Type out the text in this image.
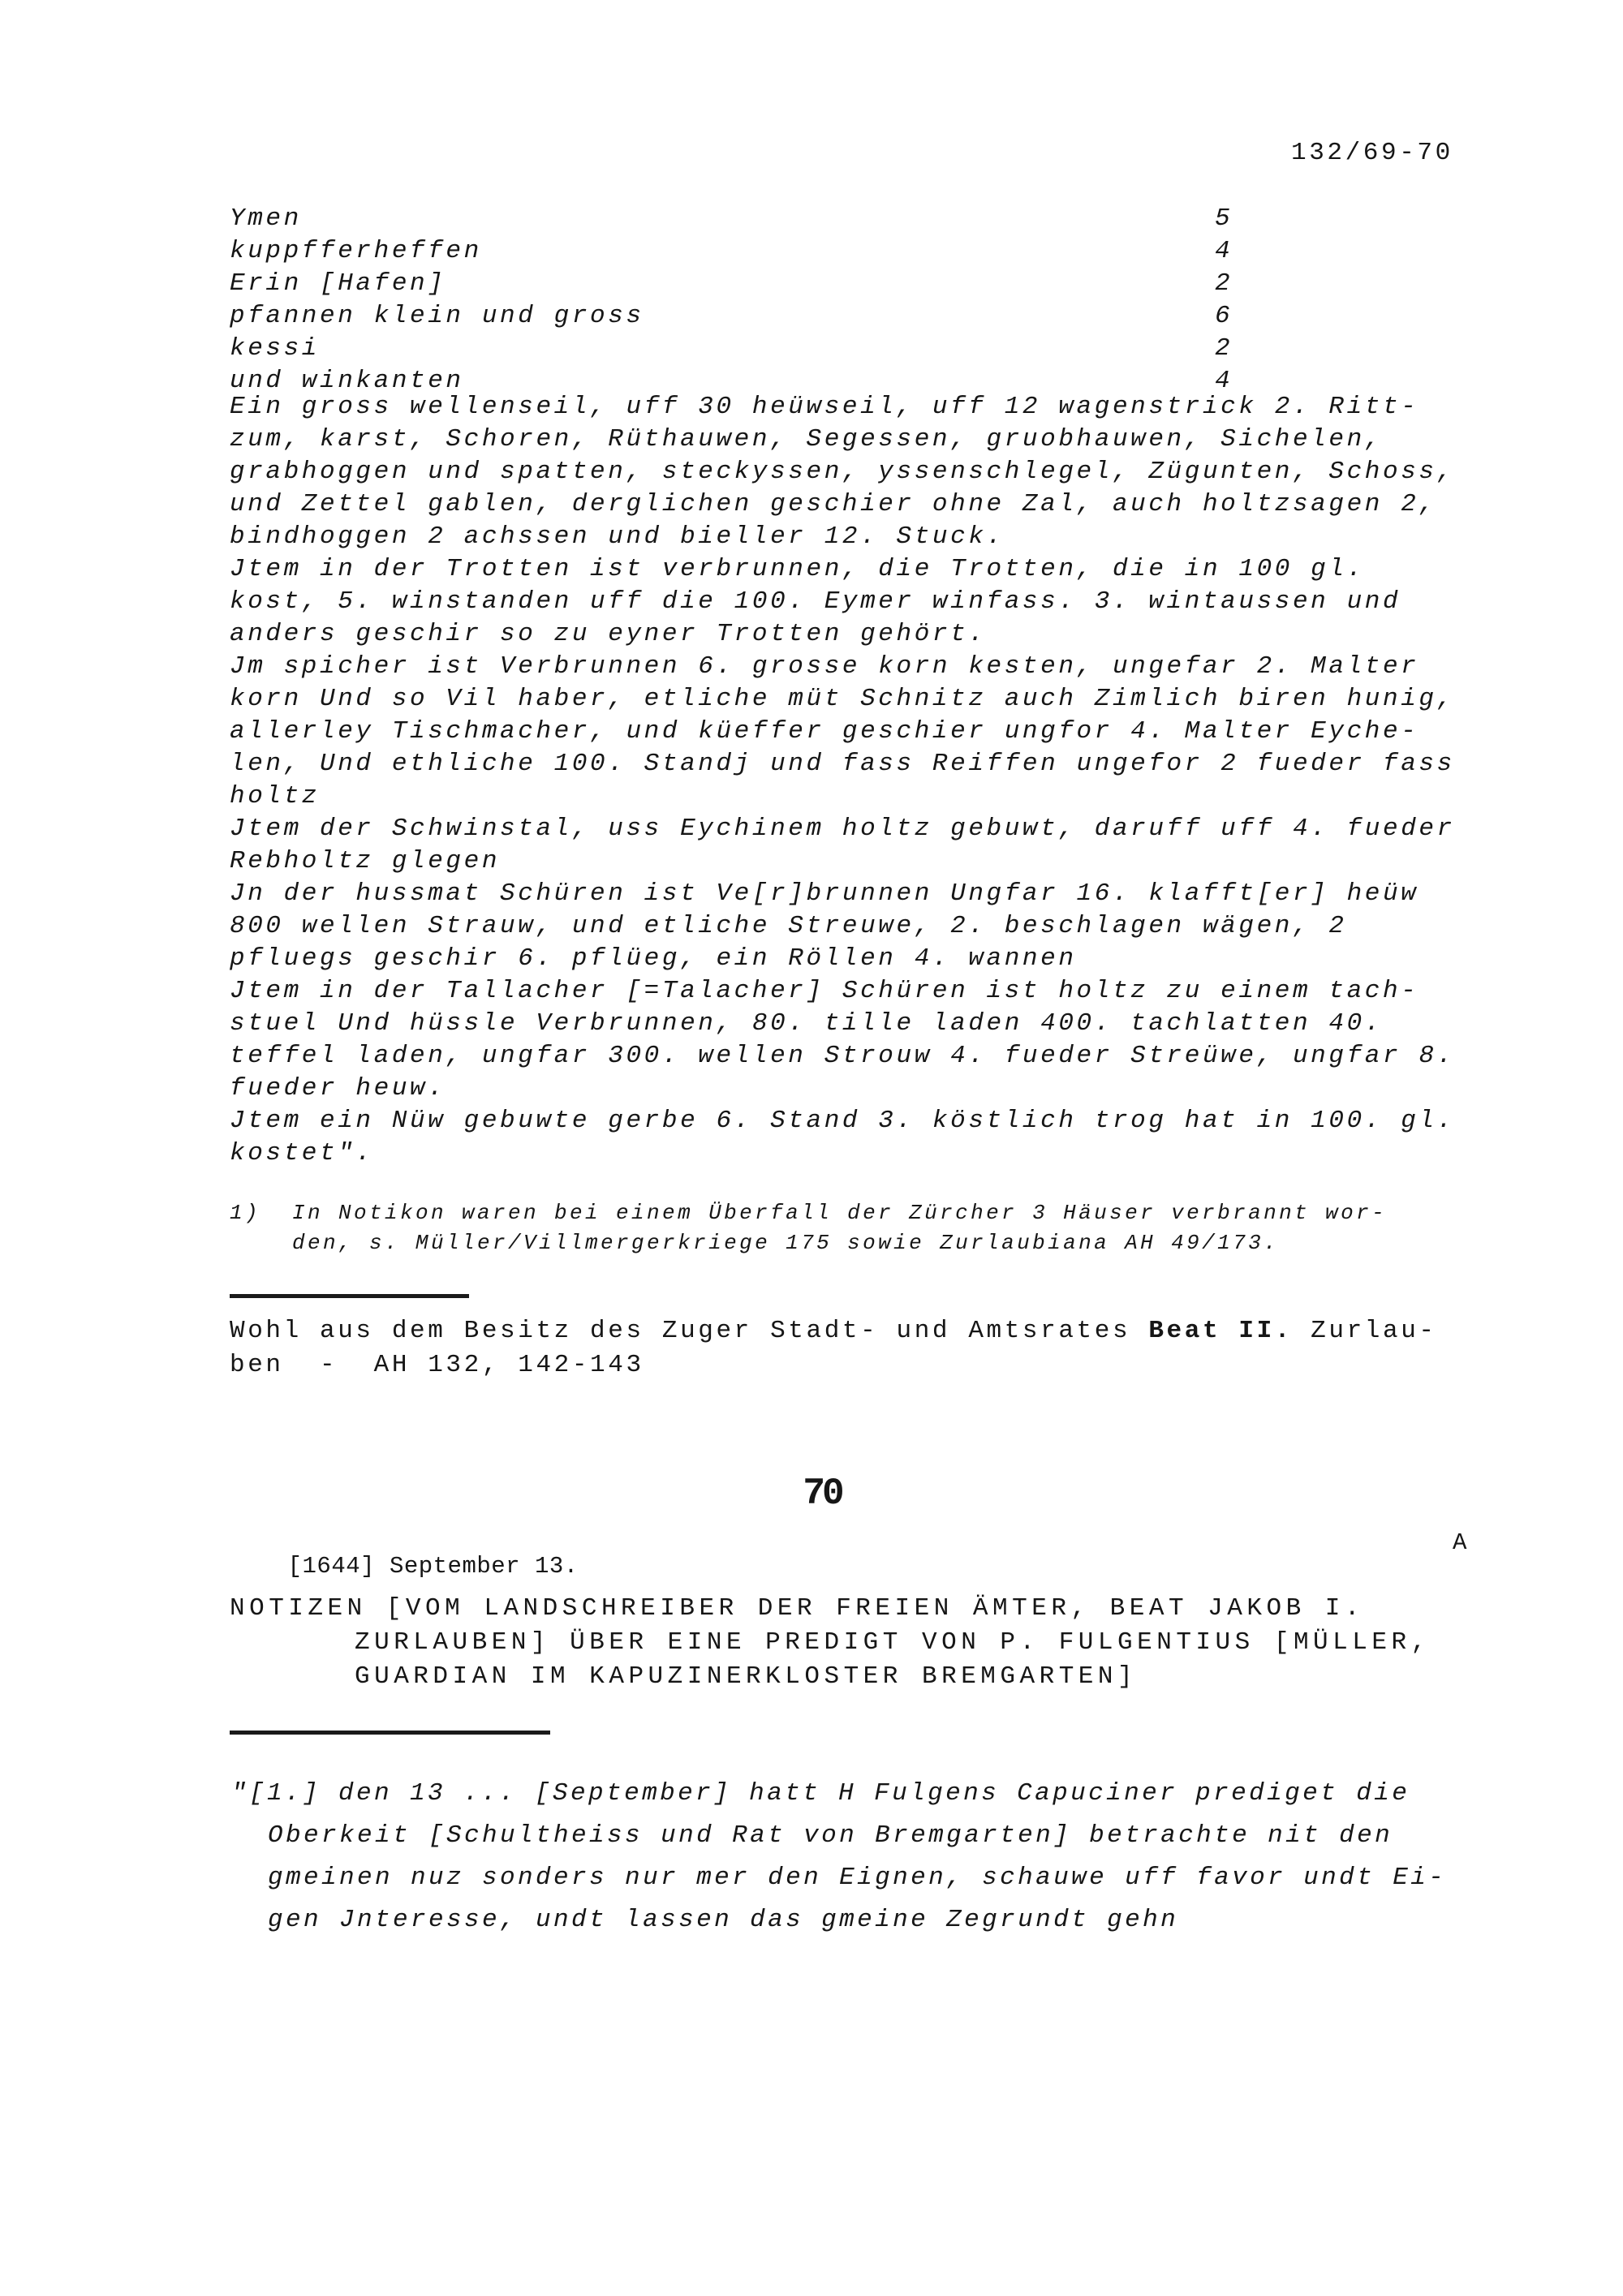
132/69-70
Ymen	5
kuppfferheffen	4
Erin [Hafen]	2
pfannen klein und gross	6
kessi	2
und winkanten	4
Ein gross wellenseil, uff 30 heüwseil, uff 12 wagenstrick 2. Ritt-
zum, karst, Schoren, Rüthauwen, Segessen, gruobhauwen, Sichelen,
grabhoggen und spatten, steckyssen, yssenschlegel, Zügunten, Schoss,
und Zettel gablen, derglichen geschier ohne Zal, auch holtzsagen 2,
bindhoggen 2 achssen und bieller 12. Stuck.
Jtem in der Trotten ist verbrunnen, die Trotten, die in 100 gl.
kost, 5. winstanden uff die 100. Eymer winfass. 3. wintaussen und
anders geschir so zu eyner Trotten gehört.
Jm spicher ist Verbrunnen 6. grosse korn kesten, ungefar 2. Malter
korn Und so Vil haber, etliche müt Schnitz auch Zimlich biren hunig,
allerley Tischmacher, und küeffer geschier ungfor 4. Malter Eyche-
len, Und ethliche 100. Standj und fass Reiffen ungefor 2 fueder fass
holtz
Jtem der Schwinstal, uss Eychinem holtz gebuwt, daruff uff 4. fueder
Rebholtz glegen
Jn der hussmat Schüren ist Ve[r]brunnen Ungfar 16. klafft[er] heüw
800 wellen Strauw, und etliche Streuwe, 2. beschlagen wägen, 2
pfluegs geschir 6. pflüeg, ein Röllen 4. wannen
Jtem in der Tallacher [=Talacher] Schüren ist holtz zu einem tach-
stuel Und hüssle Verbrunnen, 80. tille laden 400. tachlatten 40.
teffel laden, ungfar 300. wellen Strouw 4. fueder Streüwe, ungfar 8.
fueder heuw.
Jtem ein Nüw gebuwte gerbe 6. Stand 3. köstlich trog hat in 100. gl.
kostet".
1)	In Notikon waren bei einem Überfall der Zürcher 3 Häuser verbrannt wor-
den, s. Müller/Villmergerkriege 175 sowie Zurlaubiana AH 49/173.
Wohl aus dem Besitz des Zuger Stadt- und Amtsrates Beat II. Zurlau-
ben  -  AH 132, 142-143
70

[1644] September 13.

A

NOTIZEN [VOM LANDSCHREIBER DER FREIEN ÄMTER, BEAT JAKOB I.
ZURLAUBEN] ÜBER EINE PREDIGT VON P. FULGENTIUS [MÜLLER,
GUARDIAN IM KAPUZINERKLOSTER BREMGARTEN]
"[1.] den 13 ... [September] hatt H Fulgens Capuciner prediget die
Oberkeit [Schultheiss und Rat von Bremgarten] betrachte nit den
gmeinen nuz sonders nur mer den Eignen, schauwe uff favor undt Ei-
gen Jnteresse, undt lassen das gmeine Zegrundt gehn
